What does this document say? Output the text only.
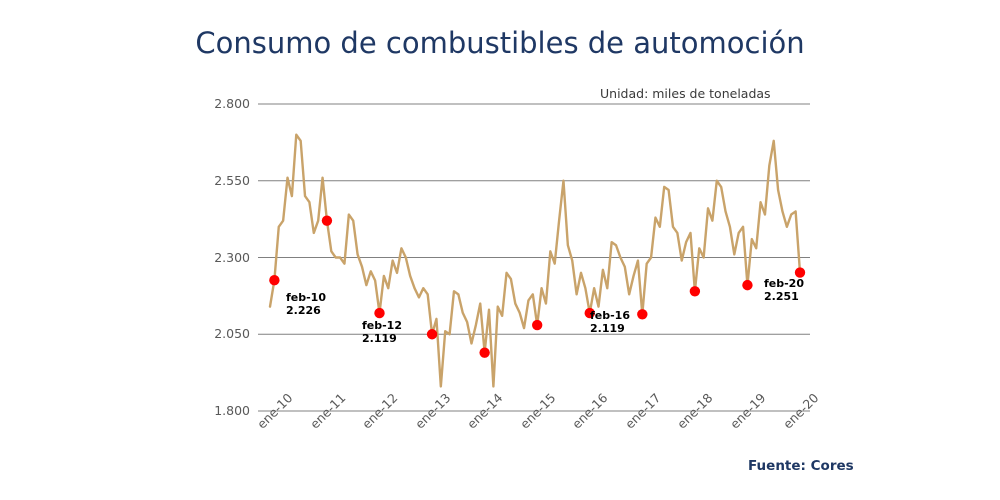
Consumo de combustibles de automoción
Unidad: miles de toneladas
Fuente: Cores
1.800
2.050
2.300
2.550
2.800
ene-10 ene-11 ene-12 ene-13 ene-14 ene-15 ene-16 ene-17 ene-18 ene-19 ene-20
feb-10
2.226
feb-12
2.119
feb-16
2.119
feb-20
2.251
